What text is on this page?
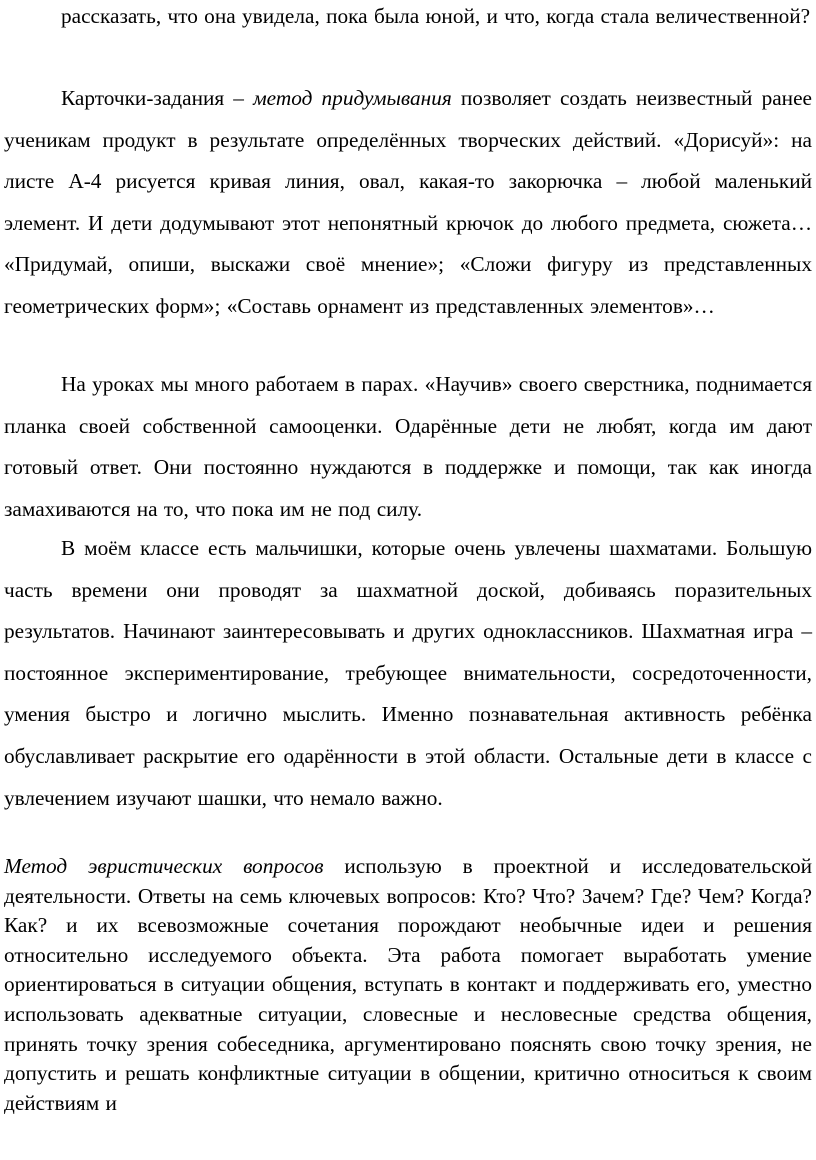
рассказать, что она увидела, пока была юной, и что, когда стала величественной?

Карточки-задания – метод придумывания позволяет создать неизвестный ранее ученикам продукт в результате определённых творческих действий. «Дорисуй»: на листе А-4 рисуется кривая линия, овал, какая-то закорючка – любой маленький элемент. И дети додумывают этот непонятный крючок до любого предмета, сюжета… «Придумай, опиши, выскажи своё мнение»; «Сложи фигуру из представленных геометрических форм»; «Составь орнамент из представленных элементов»…

На уроках мы много работаем в парах. «Научив» своего сверстника, поднимается планка своей собственной самооценки. Одарённые дети не любят, когда им дают готовый ответ. Они постоянно нуждаются в поддержке и помощи, так как иногда замахиваются на то, что пока им не под силу.

В моём классе есть мальчишки, которые очень увлечены шахматами. Большую часть времени они проводят за шахматной доской, добиваясь поразительных результатов. Начинают заинтересовывать и других одноклассников. Шахматная игра – постоянное экспериментирование, требующее внимательности, сосредоточенности, умения быстро и логично мыслить. Именно познавательная активность ребёнка обуславливает раскрытие его одарённости в этой области. Остальные дети в классе с увлечением изучают шашки, что немало важно.

Метод эвристических вопросов использую в проектной и исследовательской деятельности. Ответы на семь ключевых вопросов: Кто? Что? Зачем? Где? Чем? Когда? Как? и их всевозможные сочетания порождают необычные идеи и решения относительно исследуемого объекта. Эта работа помогает выработать умение ориентироваться в ситуации общения, вступать в контакт и поддерживать его, уместно использовать адекватные ситуации, словесные и несловесные средства общения, принять точку зрения собеседника, аргументировано пояснять свою точку зрения, не допустить и решать конфликтные ситуации в общении, критично относиться к своим действиям и
